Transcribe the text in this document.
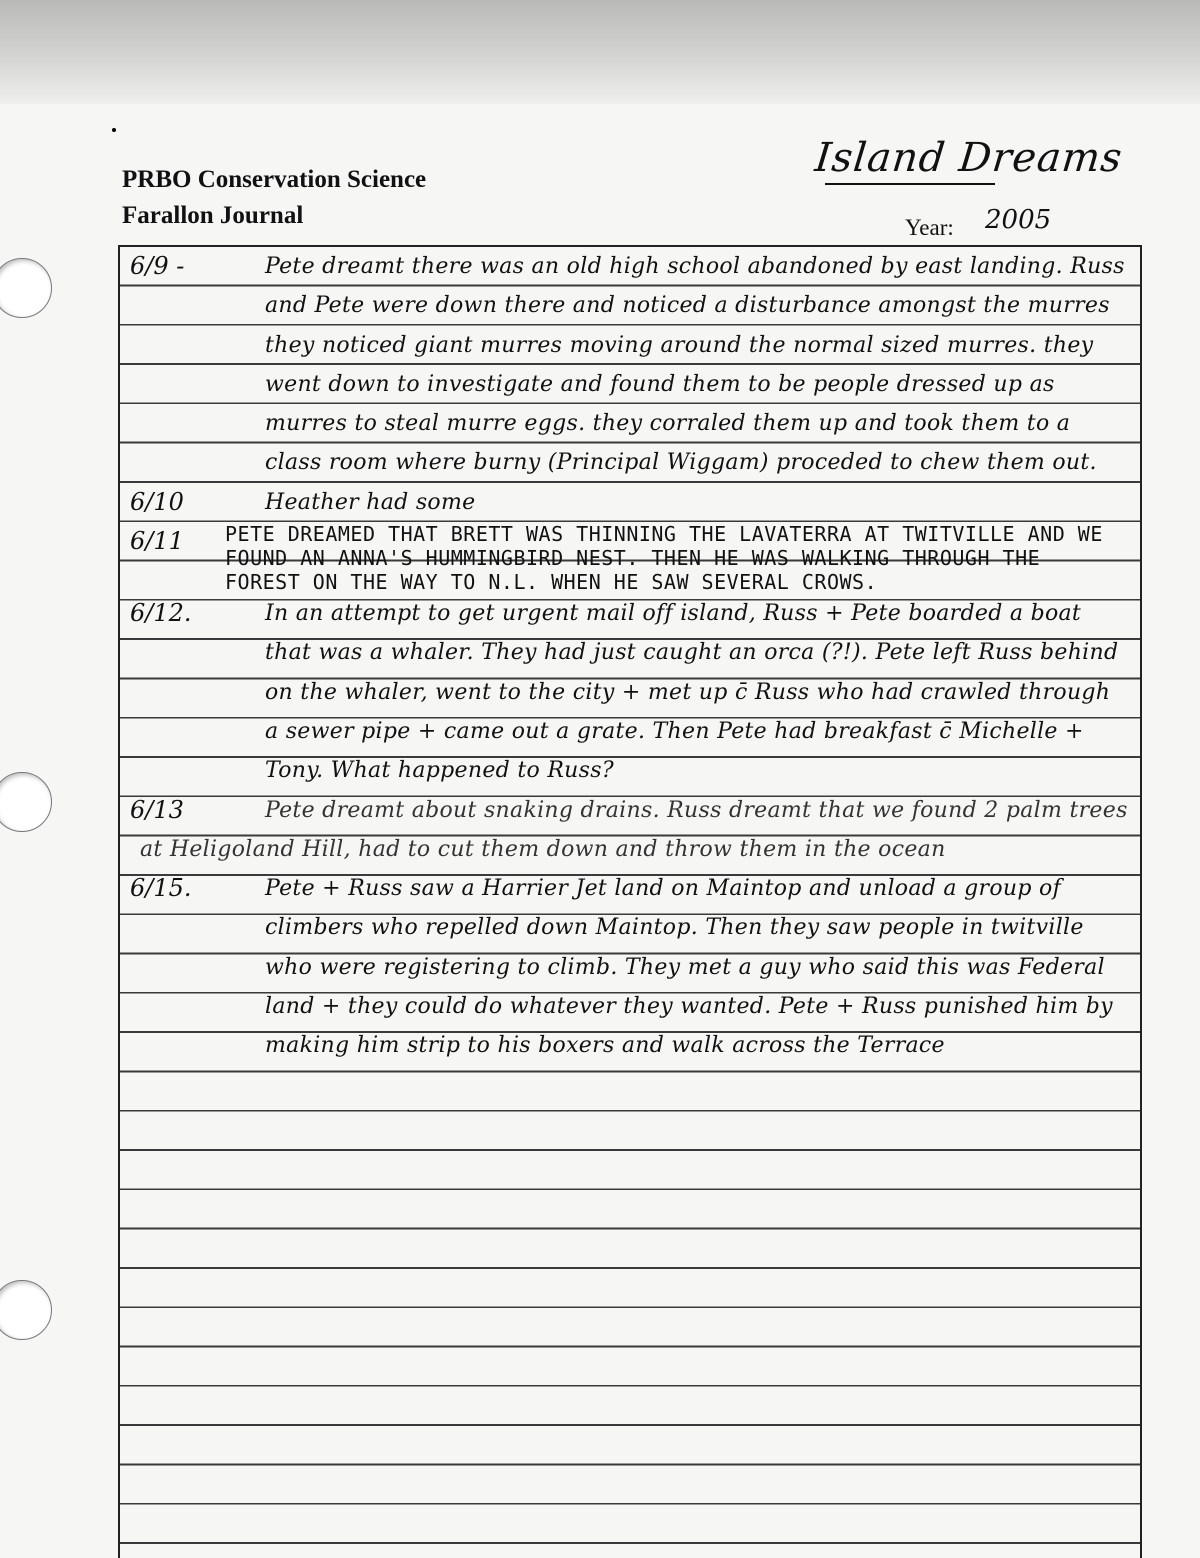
PRBO Conservation Science
Farallon Journal	Year: 2005
Island Dreams
6/9 -	Pete dreamt there was an old high school abandoned by east landing. Russ and Pete were down there and noticed a disturbance amongst the murres they noticed giant murres moving around the normal sized murres. they went down to investigate and found them to be people dressed up as murres to steal murre eggs. they corraled them up and took them to a class room where burny (Principal Wiggam) proceded to chew them out.

6/10	Heather had some

6/11	PETE DREAMED THAT BRETT WAS THINNING THE LAVATERRA AT TWITVILLE AND WE FOUND AN ANNA'S HUMMINGBIRD NEST. THEN HE WAS WALKING THROUGH THE FOREST ON THE WAY TO N.L. WHEN HE SAW SEVERAL CROWS.

6/12.	In an attempt to get urgent mail off island, Russ + Pete boarded a boat that was a whaler. They had just caught an orca (?!). Pete left Russ behind on the whaler, went to the city + met up c̄ Russ who had crawled through a sewer pipe + came out a grate. Then Pete had breakfast c̄ Michelle + Tony. What happened to Russ?

6/13	Pete dreamt about snaking drains. Russ dreamt that we found 2 palm trees at Heligoland Hill, had to cut them down and throw them in the ocean

6/15.	Pete + Russ saw a Harrier Jet land on Maintop and unload a group of climbers who repelled down Maintop. Then they saw people in twitville who were registering to climb. They met a guy who said this was Federal land + they could do whatever they wanted. Pete + Russ punished him by making him strip to his boxers and walk across the Terrace
